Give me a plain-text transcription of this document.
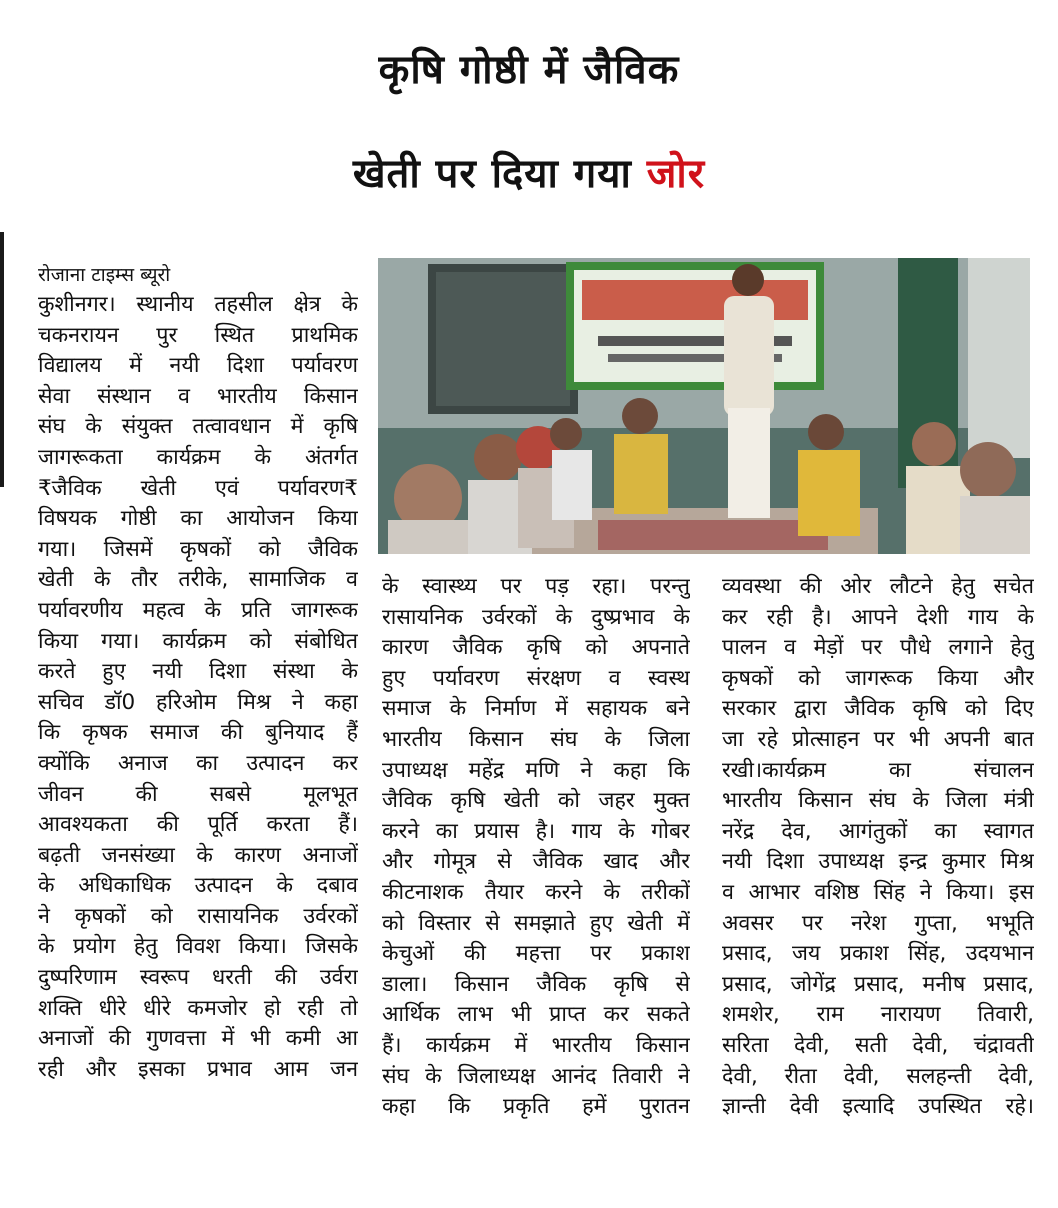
कृषि गोष्ठी में जैविक
खेती पर दिया गया जोर
रोजाना टाइम्स ब्यूरो
कुशीनगर। स्थानीय तहसील क्षेत्र के
चकनरायन पुर स्थित प्राथमिक
विद्यालय में नयी दिशा पर्यावरण
सेवा संस्थान व भारतीय किसान
संघ के संयुक्त तत्वावधान में कृषि
जागरूकता कार्यक्रम के अंतर्गत
₹जैविक खेती एवं पर्यावरण₹
विषयक गोष्ठी का आयोजन किया
गया। जिसमें कृषकों को जैविक
खेती के तौर तरीके, सामाजिक व
पर्यावरणीय महत्व के प्रति जागरूक
किया गया। कार्यक्रम को संबोधित
करते हुए नयी दिशा संस्था के
सचिव डॉ0 हरिओम मिश्र ने कहा
कि कृषक समाज की बुनियाद हैं
क्योंकि अनाज का उत्पादन कर
जीवन की सबसे मूलभूत
आवश्यकता की पूर्ति करता हैं।
बढ़ती जनसंख्या के कारण अनाजों
के अधिकाधिक उत्पादन के दबाव
ने कृषकों को रासायनिक उर्वरकों
के प्रयोग हेतु विवश किया। जिसके
दुष्परिणाम स्वरूप धरती की उर्वरा
शक्ति धीरे धीरे कमजोर हो रही तो
अनाजों की गुणवत्ता में भी कमी आ
रही और इसका प्रभाव आम जन
के स्वास्थ्य पर पड़ रहा। परन्तु
रासायनिक उर्वरकों के दुष्प्रभाव के
कारण जैविक कृषि को अपनाते
हुए पर्यावरण संरक्षण व स्वस्थ
समाज के निर्माण में सहायक बने
भारतीय किसान संघ के जिला
उपाध्यक्ष महेंद्र मणि ने कहा कि
जैविक कृषि खेती को जहर मुक्त
करने का प्रयास है। गाय के गोबर
और गोमूत्र से जैविक खाद और
कीटनाशक तैयार करने के तरीकों
को विस्तार से समझाते हुए खेती में
केचुओं की महत्ता पर प्रकाश
डाला। किसान जैविक कृषि से
आर्थिक लाभ भी प्राप्त कर सकते
हैं। कार्यक्रम में भारतीय किसान
संघ के जिलाध्यक्ष आनंद तिवारी ने
कहा कि प्रकृति हमें पुरातन
व्यवस्था की ओर लौटने हेतु सचेत
कर रही है। आपने देशी गाय के
पालन व मेड़ों पर पौधे लगाने हेतु
कृषकों को जागरूक किया और
सरकार द्वारा जैविक कृषि को दिए
जा रहे प्रोत्साहन पर भी अपनी बात
रखी।कार्यक्रम का संचालन
भारतीय किसान संघ के जिला मंत्री
नरेंद्र देव, आगंतुकों का स्वागत
नयी दिशा उपाध्यक्ष इन्द्र कुमार मिश्र
व आभार वशिष्ठ सिंह ने किया। इस
अवसर पर नरेश गुप्ता, भभूति
प्रसाद, जय प्रकाश सिंह, उदयभान
प्रसाद, जोगेंद्र प्रसाद, मनीष प्रसाद,
शमशेर, राम नारायण तिवारी,
सरिता देवी, सती देवी, चंद्रावती
देवी, रीता देवी, सलहन्ती देवी,
ज्ञान्ती देवी इत्यादि उपस्थित रहे।
